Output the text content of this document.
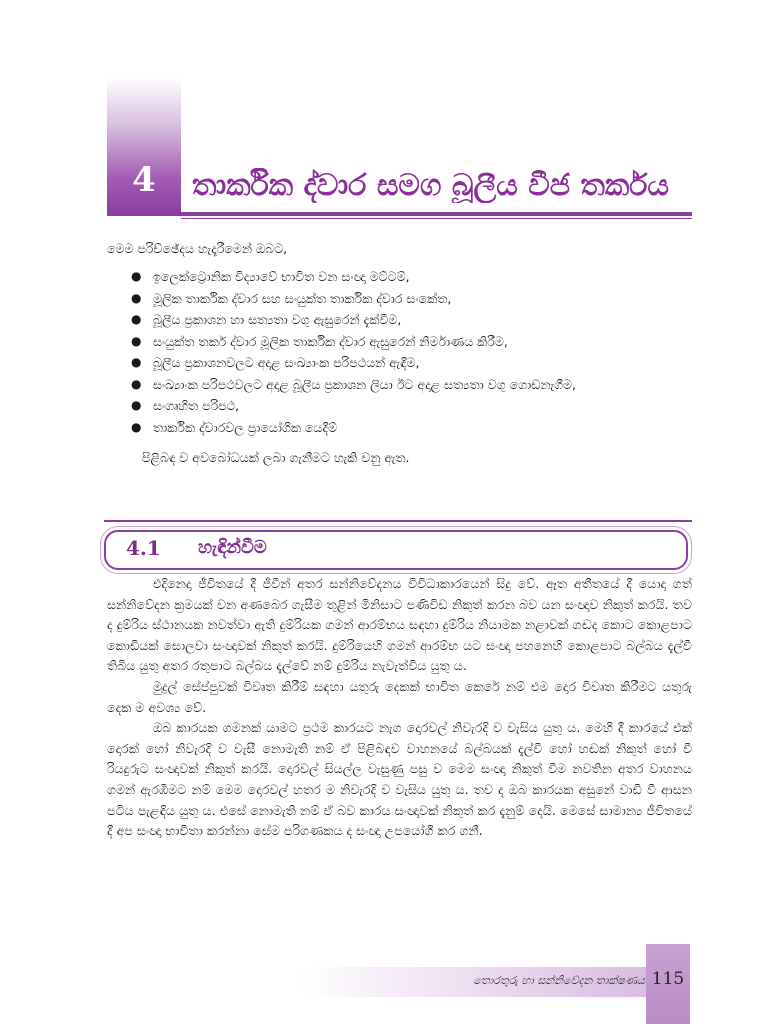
4	තාර්කික ද්වාර සමග බූලීය වීජ තර්කය
මෙම පරිච්ඡේදය හැදෑරීමෙන් ඔබට,
● ඉලෙක්ට්‍රොනික විද්‍යාවේ භාවිත වන සංඥා මට්ටම්,
● මූලික තාර්කික ද්වාර සහ සංයුක්ත තාර්කික ද්වාර සංකේත,
● බූලීය ප්‍රකාශන හා සත්‍යතා වගු ඇසුරෙන් දැක්වීම,
● සංයුක්ත තර්ක ද්වාර මූලික තාර්කික ද්වාර ඇසුරෙන් නිර්මාණය කිරීම,
● බූලීය ප්‍රකාශනවලට අදාළ සංඛ්‍යාංක පරිපථයන් ඇඳීම,
● සංඛ්‍යාංක පරිපථවලට අදාළ බූලීය ප්‍රකාශන ලියා ඊට අදාළ සත්‍යතා වගු ගොඩනැගීම,
● සංගෘහිත පරිපථ,
● තාර්කික ද්වාරවල ප්‍රායෝගික යෙදීම්
පිළිබඳ ව අවබෝධයක් ලබා ගැනීමට හැකි වනු ඇත.
4.1 හැඳින්වීම

එදිනෙදා ජීවිතයේ දී ජීවීන් අතර සන්නිවේදනය විවිධාකාරයෙන් සිදු වේ. ඈත අතීතයේ දී යොදා ගත් සන්නිවේදන ක්‍රමයක් වන අණබෙර ගැසීම තුළින් මිනිසාට පණිවිඩ නිකුත් කරන බව යන සංඥාව නිකුත් කරයි. තව ද දුම්රිය ස්ථානයක නවත්වා ඇති දුම්රියක ගමන් ආරම්භය සඳහා දුම්රිය නියාමක නළාවක් ගඬද කොට කොළපාට කොඩියක් සොලවා සංඥාවක් නිකුත් කරයි. දුම්රියෙහි ගමන් ආරම්භ යට සංඥා පහනෙහි කොළපාට බල්බය දැල්වී තිබිය යුතු අතර රතුපාට බල්බය දැල්වේ නම් දුම්රිය නැවැත්විය යුතු ය.

මුද්‍රල් සේප්පුවක් විවෘත කිරීම් සඳහා යතුරු දෙකක් භාවිත කෙරේ නම් එම දොර විවෘත කිරීමට යතුරු දෙක ම අවශ්‍ය වේ.

ඔබ කාරයක ගමනක් යාමට ප්‍රථම කාරයට නැග දොරවල් නිවැරදි ව වැසිය යුතු ය. මෙහි දී කාරයේ එක් දොරක් හෝ නිවැරදි ව වැසී නොමැති නම් ඒ පිළිබඳව වාහනයේ බල්බයක් දැල්වී හෝ හඬක් නිකුත් හෝ වී රියදුරුට සංඥාවක් නිකුත් කරයි. දොරවල් සියල්ල වැසුණු පසු ව මෙම සංඥා නිකුත් වීම නවතින අතර වාහනය ගමන් ඇරඹීමට නම් මෙම දොරවල් හතර ම නිවැරදි ව වැසිය යුතු ය. තව ද ඔබ කාරයක අසුනේ වාඩි වී ආසන පටිය පැළඳිය යුතු ය. එසේ නොමැති නම් ඒ බව කාරය සංඥාවක් නිකුත් කර දැනුම් දෙයි. මෙසේ සාමාන්‍ය ජීවිතයේ දී අප සංඥා භාවිතා කරන්නා සේම පරිගණකය ද සංඥා උපයෝගී කර ගනී.

තොරතුරු හා සන්නිවේදන තාක්ෂණය 115
